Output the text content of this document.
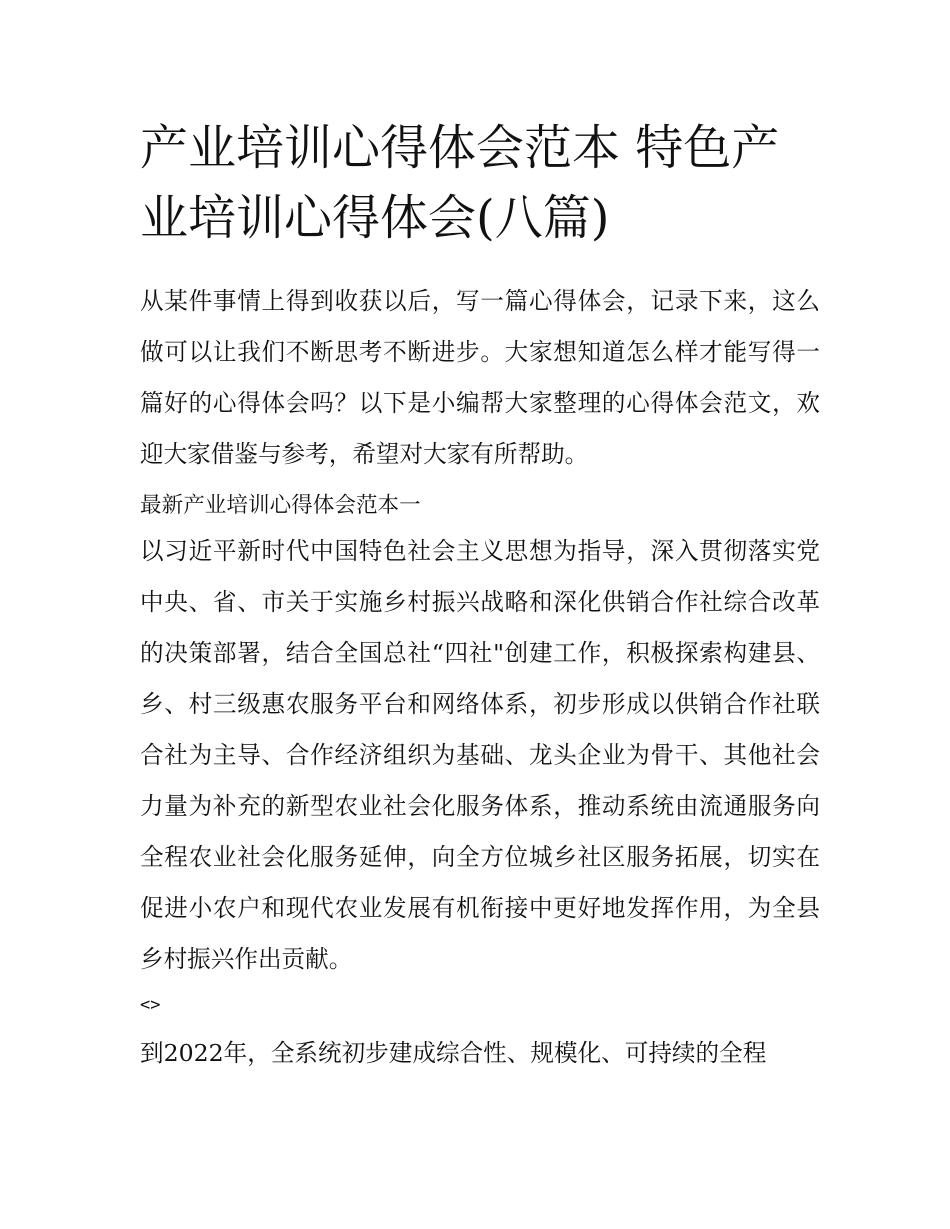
产业培训心得体会范本 特色产业培训心得体会(八篇)

从某件事情上得到收获以后，写一篇心得体会，记录下来，这么做可以让我们不断思考不断进步。大家想知道怎么样才能写得一篇好的心得体会吗？以下是小编帮大家整理的心得体会范文，欢迎大家借鉴与参考，希望对大家有所帮助。

最新产业培训心得体会范本一

以习近平新时代中国特色社会主义思想为指导，深入贯彻落实党中央、省、市关于实施乡村振兴战略和深化供销合作社综合改革的决策部署，结合全国总社“四社"创建工作，积极探索构建县、乡、村三级惠农服务平台和网络体系，初步形成以供销合作社联合社为主导、合作经济组织为基础、龙头企业为骨干、其他社会力量为补充的新型农业社会化服务体系，推动系统由流通服务向全程农业社会化服务延伸，向全方位城乡社区服务拓展，切实在促进小农户和现代农业发展有机衔接中更好地发挥作用，为全县乡村振兴作出贡献。

<>

到2022年，全系统初步建成综合性、规模化、可持续的全程
